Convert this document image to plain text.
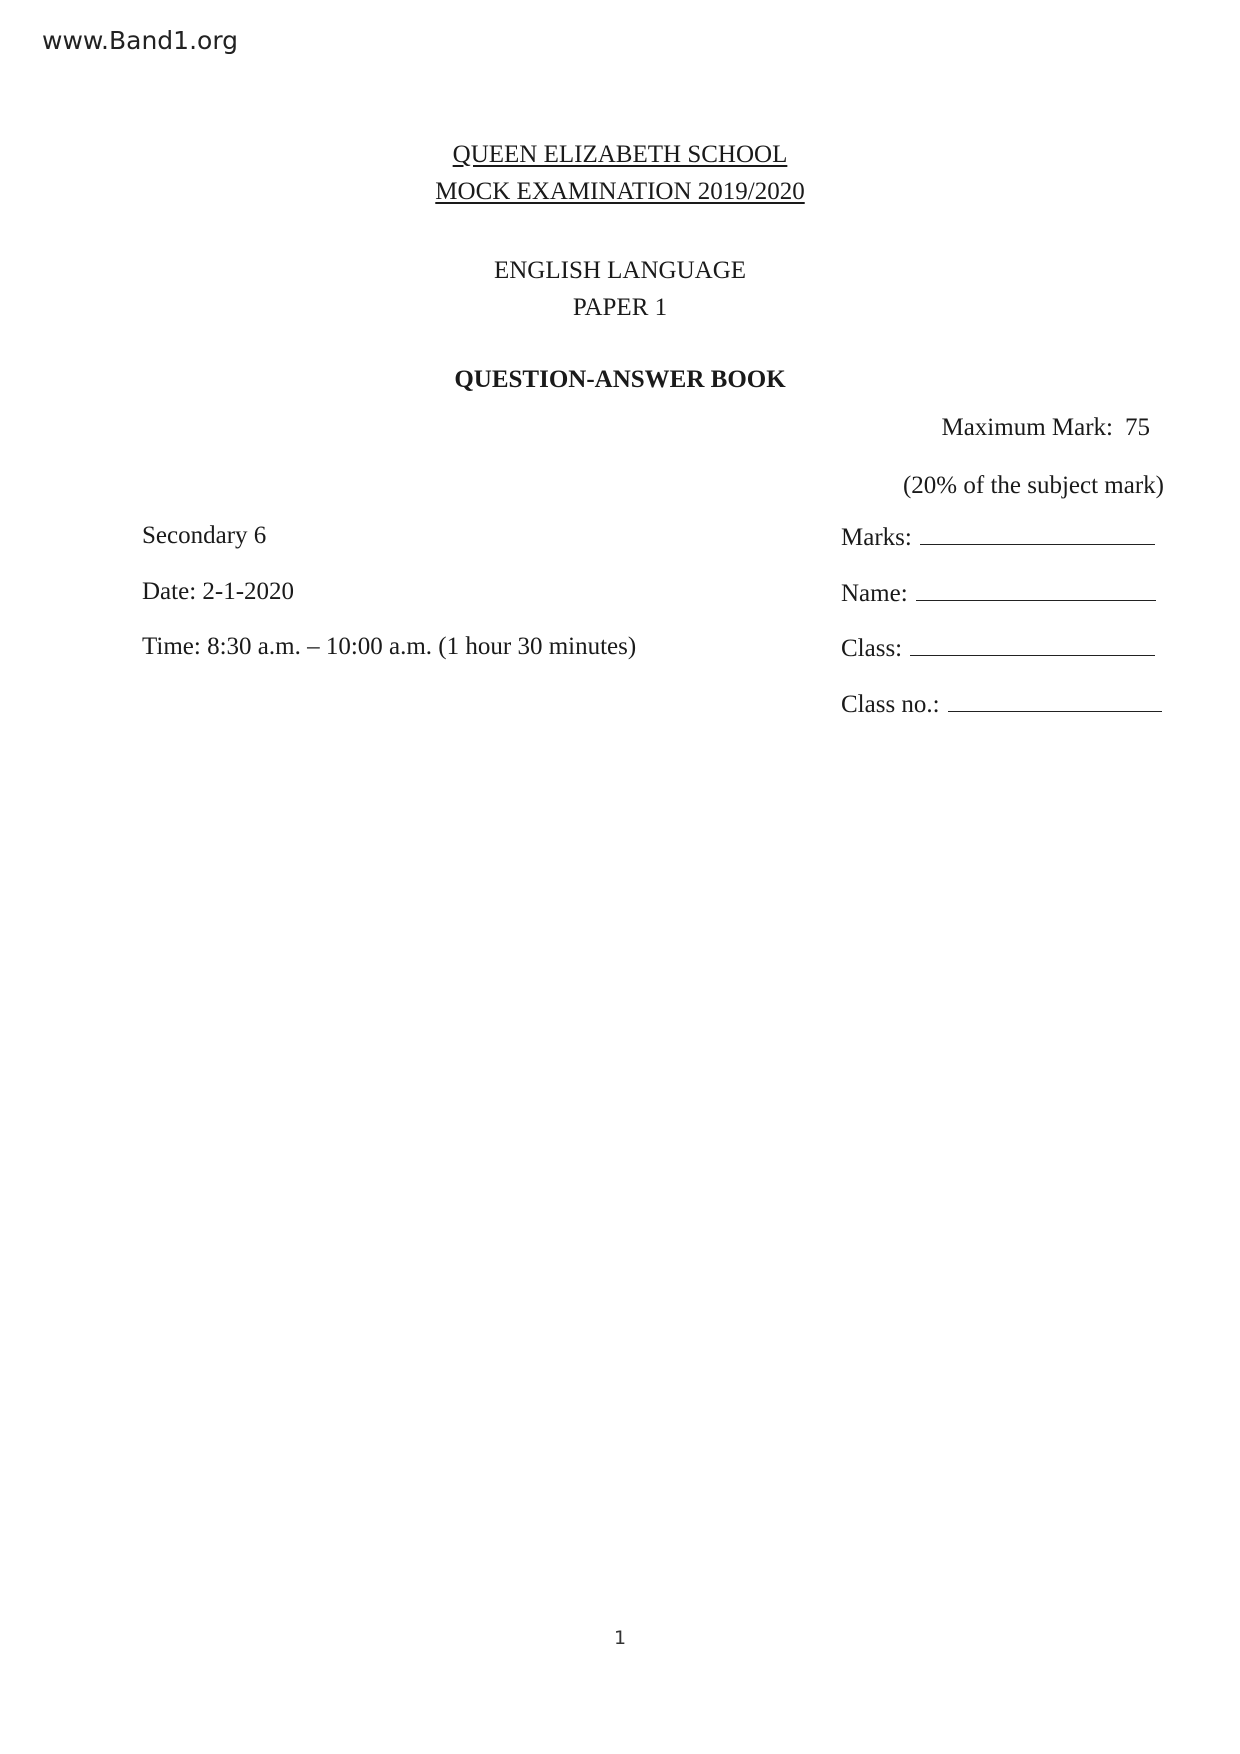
www.Band1.org
QUEEN ELIZABETH SCHOOL
MOCK EXAMINATION 2019/2020
ENGLISH LANGUAGE
PAPER 1
QUESTION-ANSWER BOOK
Maximum Mark: 75
(20% of the subject mark)
Secondary 6
Date: 2-1-2020
Time: 8:30 a.m. – 10:00 a.m. (1 hour 30 minutes)
Marks:
Name:
Class:
Class no.:
1
